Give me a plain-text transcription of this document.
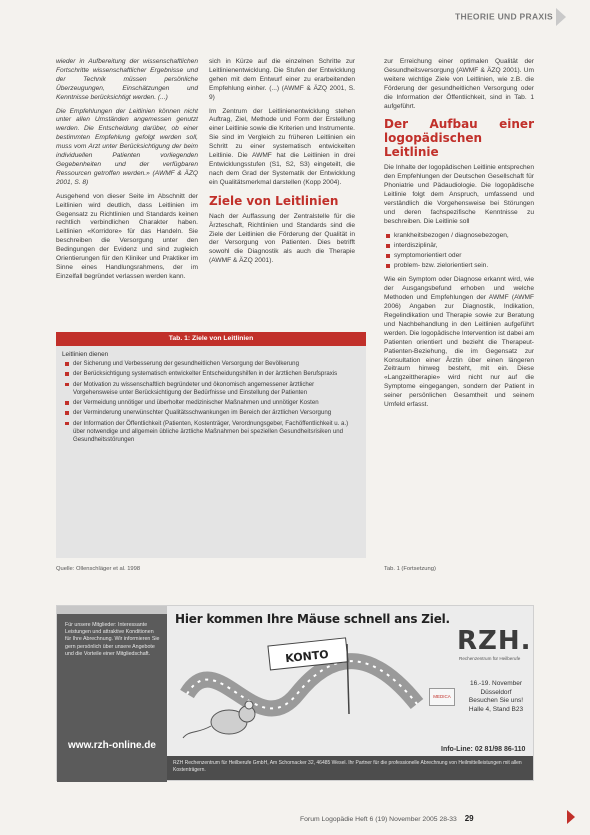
THEORIE UND PRAXIS

wieder in Aufbereitung der wissenschaftlichen Fortschritte wissenschaftlicher Ergebnisse und der Technik müssen persönliche Überzeugungen, Einschätzungen und Kenntnisse berücksichtigt werden. (...)

Die Empfehlungen der Leitlinien können nicht unter allen Umständen angemessen genutzt werden. Die Entscheidung darüber, ob einer bestimmten Empfehlung gefolgt werden soll, muss vom Arzt unter Berücksichtigung der beim individuellen Patienten vorliegenden Gegebenheiten und der verfügbaren Ressourcen getroffen werden.» (AWMF & ÄZQ 2001, S. 8)

Ausgehend von dieser Seite im Abschnitt der Leitlinien wird deutlich, dass Leitlinien im Gegensatz zu Richtlinien und Standards keinen rechtlich verbindlichen Charakter haben. Leitlinien «Korridore» für das Handeln. Sie beschreiben die Versorgung unter den Bedingungen der Evidenz und sind zugleich Orientierungen für den Kliniker und Praktiker im Sinne eines Handlungsrahmens, der im Einzelfall begründet verlassen werden kann.

sich in Kürze auf die einzelnen Schritte zur Leitlinienentwicklung. Die Stufen der Entwicklung gehen mit dem Entwurf einer zu erarbeitenden Empfehlung einher. (...) (AWMF & ÄZQ 2001, S. 9)

Im Zentrum der Leitlinienentwicklung stehen Auftrag, Ziel, Methode und Form der Erstellung einer Leitlinie sowie die Kriterien und Instrumente. Sie sind im Vergleich zu früheren Leitlinien ein Schritt zu einer systematisch entwickelten Leitlinie. Die AWMF hat die Leitlinien in drei Entwicklungsstufen (S1, S2, S3) eingeteilt, die nach dem Grad der Systematik der Entwicklung ein Qualitätsmerkmal darstellen (Kopp 2004).

Ziele von Leitlinien

Nach der Auffassung der Zentralstelle für die Ärzteschaft, Richtlinien und Standards sind die Ziele der Leitlinien die Förderung der Qualität in der Versorgung von Patienten. Dies betrifft sowohl die Diagnostik als auch die Therapie (AWMF & ÄZQ 2001).

zur Erreichung einer optimalen Qualität der Gesundheitsversorgung (AWMF & ÄZQ 2001). Um weitere wichtige Ziele von Leitlinien, wie z.B. die Förderung der gesundheitlichen Versorgung oder die Information der Öffentlichkeit, sind in Tab. 1 aufgeführt.

Der Aufbau einer logopädischen Leitlinie

Die Inhalte der logopädischen Leitlinie entsprechen den Empfehlungen der Deutschen Gesellschaft für Phoniatrie und Pädaudiologie. Die logopädische Leitlinie folgt dem Anspruch, umfassend und verständlich die Vorgehensweise bei Störungen und deren fachspezifische Kenntnisse zu beschreiben. Die Leitlinie soll

krankheitsbezogen / diagnosebezogen,
interdisziplinär,
symptomorientiert oder
problem- bzw. zielorientiert sein.

Wie ein Symptom oder Diagnose erkannt wird, wie der Ausgangsbefund erhoben und welche Methoden und Empfehlungen der AWMF (AWMF 2006) Angaben zur Diagnostik, Indikation, Regelindikation und Therapie sowie zur Beratung und Nachbehandlung in den Leitlinien aufgeführt werden. Die logopädische Intervention ist dabei am Patienten orientiert und bezieht die Therapeut-Patienten-Beziehung, die im Gegensatz zur Konsultation einer Ärztin über einen längeren Zeitraum hinweg besteht, mit ein. Diese «Langzeittherapie» wird nicht nur auf die Symptome eingegangen, sondern der Patient in seiner persönlichen Gesamtheit und seinem Umfeld erfasst.

Tab. 1: Ziele von Leitlinien
Leitlinien dienen
der Sicherung und Verbesserung der gesundheitlichen Versorgung der Bevölkerung
der Berücksichtigung systematisch entwickelter Entscheidungshilfen in der ärztlichen Berufspraxis
der Motivation zu wissenschaftlich begründeter und ökonomisch angemessener ärztlicher Vorgehensweise unter Berücksichtigung der Bedürfnisse und Einstellung der Patienten
der Vermeidung unnötiger und überholter medizinischer Maßnahmen und unnötiger Kosten
der Verminderung unerwünschter Qualitätsschwankungen im Bereich der ärztlichen Versorgung
der Information der Öffentlichkeit (Patienten, Kostenträger, Verordnungsgeber, Fachöffentlichkeit u. a.) über notwendige und allgemein übliche ärztliche Maßnahmen bei speziellen Gesundheitsrisiken und Gesundheitsstörungen
Quelle: Ollenschläger et al. 1998	Tab. 1 (Fortsetzung)
Für unsere Mitglieder: Interessante Leistungen und attraktive Konditionen für Ihre Abrechnung. Wir informieren Sie gern persönlich über unsere Angebote und die Vorteile einer Mitgliedschaft.
www.rzh-online.de
Hier kommen Ihre Mäuse schnell ans Ziel.
KONTO
RZH.
Rechenzentrum für Heilberufe
MEDICA
16.-19. November
Düsseldorf
Besuchen Sie uns!
Halle 4, Stand B23
Info-Line: 02 81/98 86-110
RZH Rechenzentrum für Heilberufe GmbH, Am Schornacker 32, 46485 Wesel. Ihr Partner für die professionelle Abrechnung von Heilmittelleistungen mit allen Kostenträgern.
Forum Logopädie Heft 6 (19) November 2005 28-33 29
